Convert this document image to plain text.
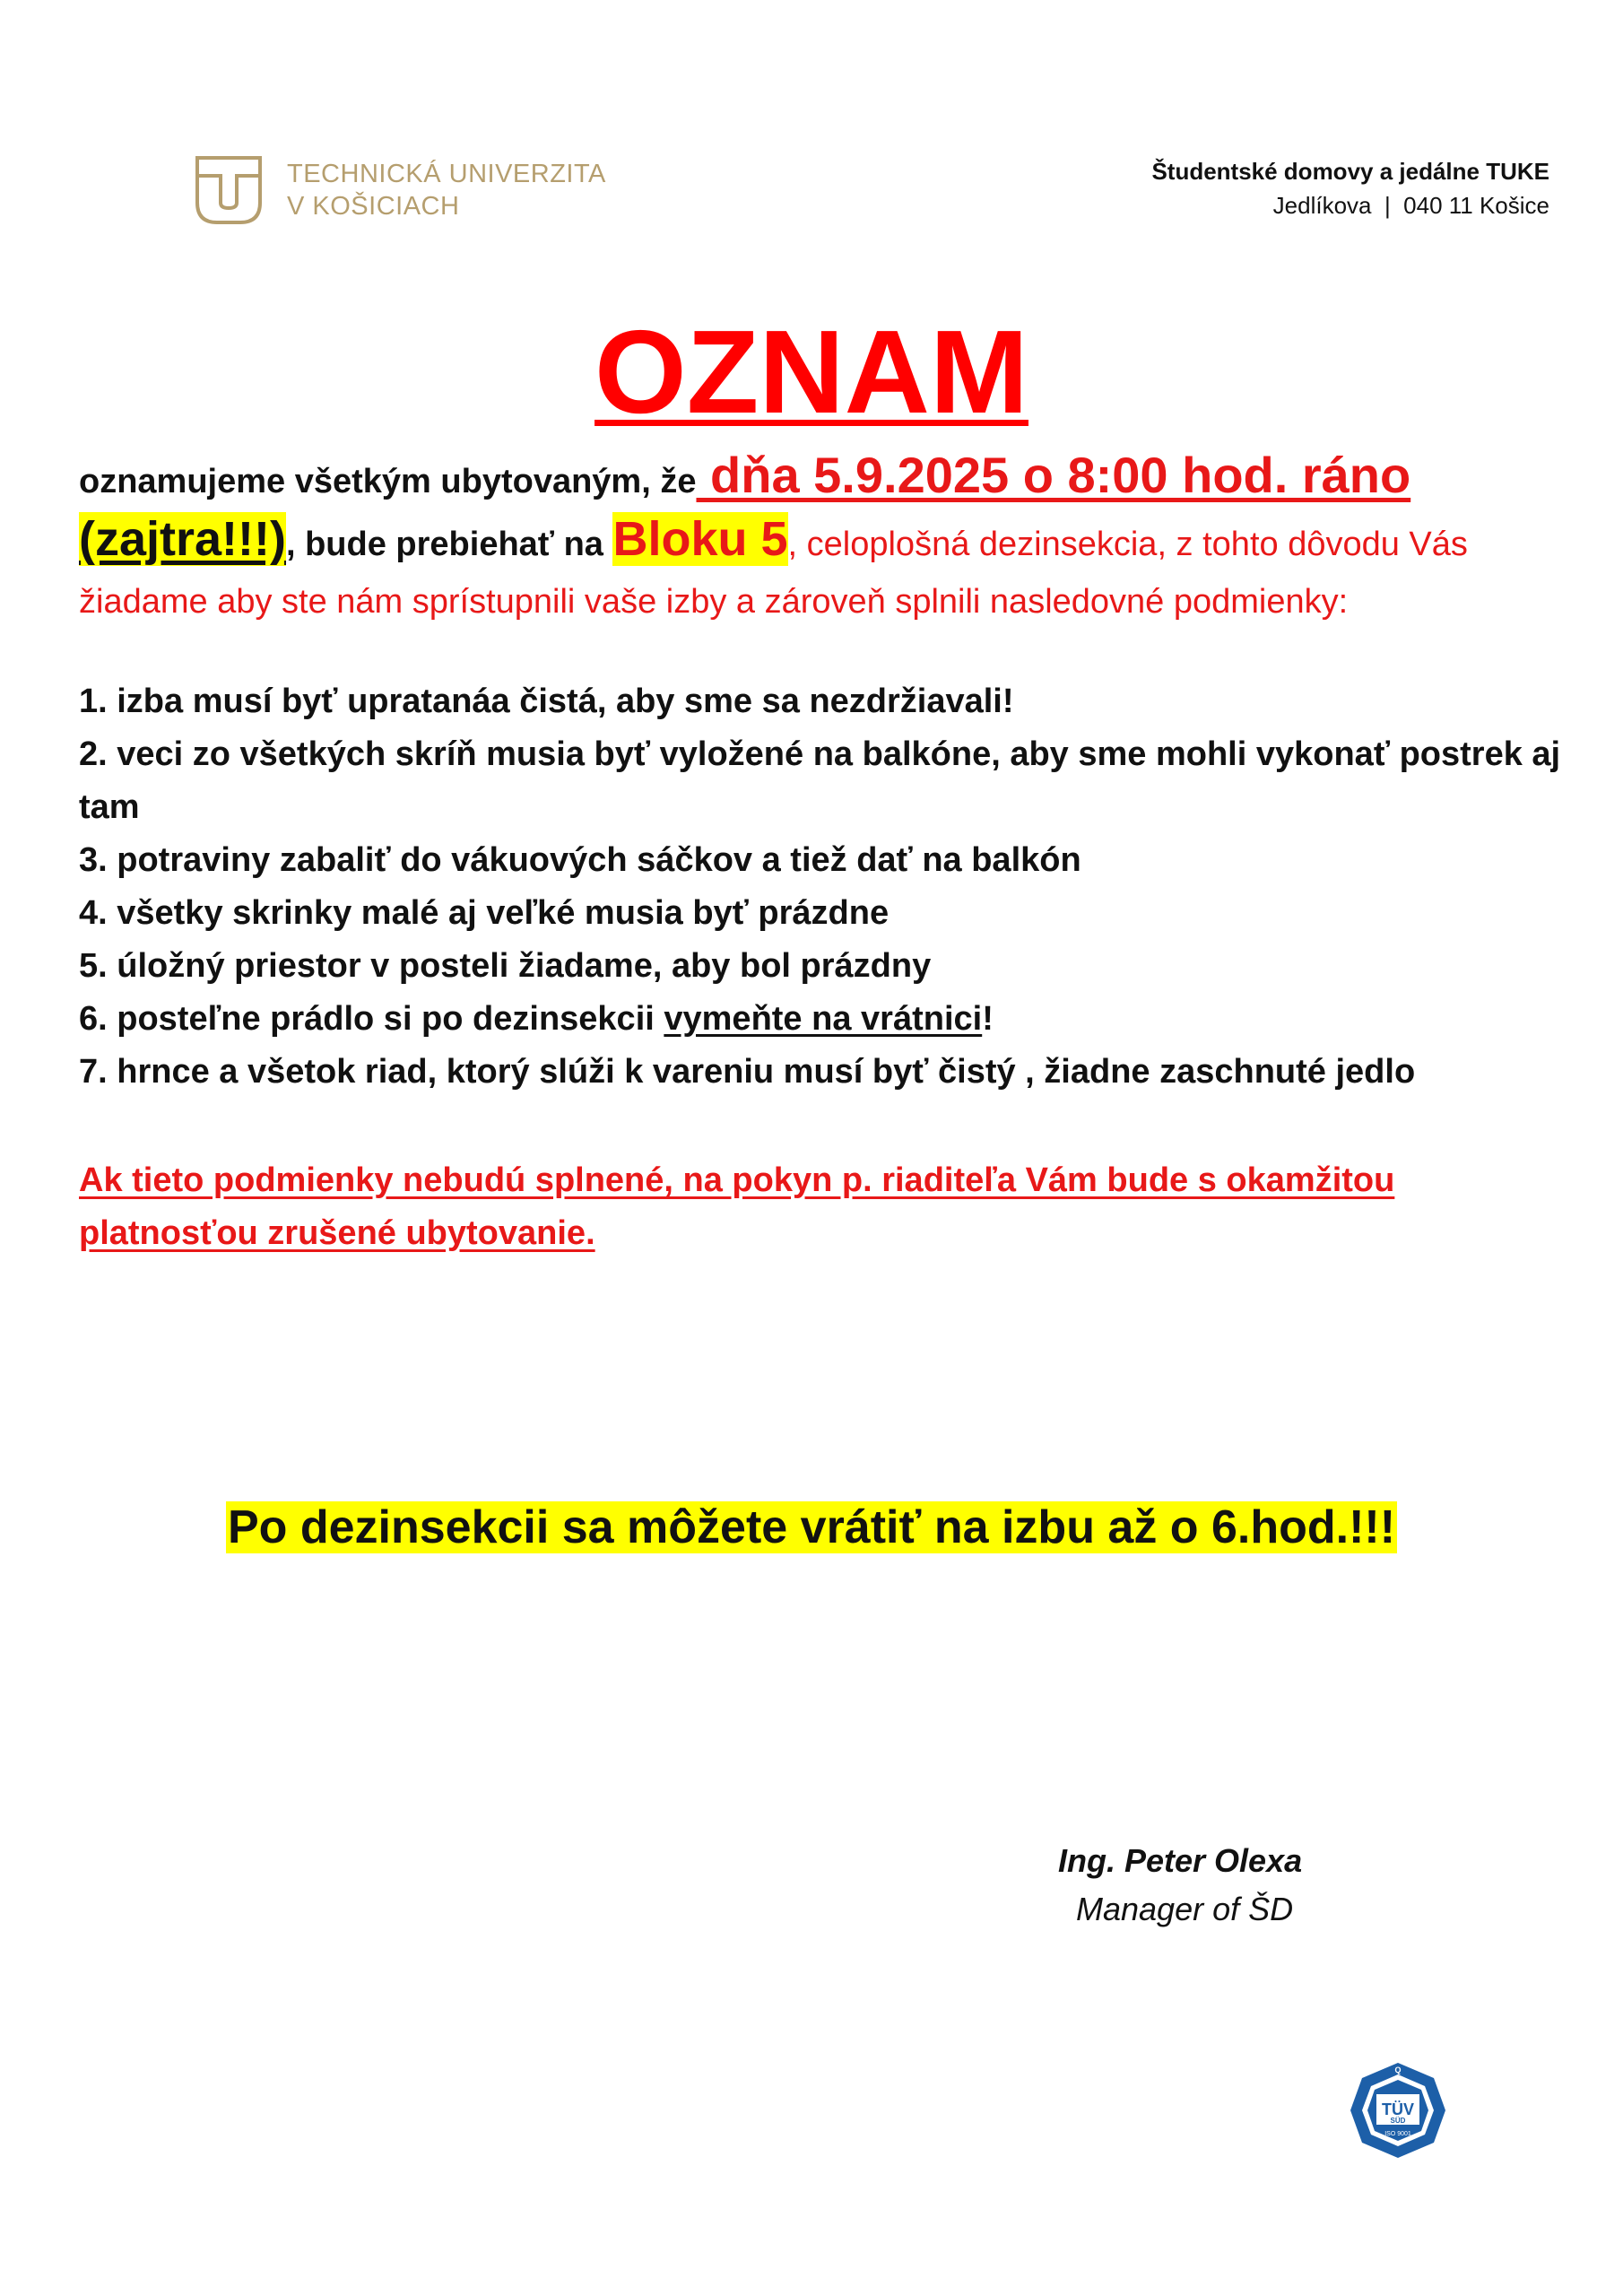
TECHNICKÁ UNIVERZITA
V KOŠICIACH
Študentské domovy a jedálne TUKE
Jedlíkova  |  040 11 Košice
OZNAM

oznamujeme všetkým ubytovaným, že dňa 5.9.2025 o 8:00 hod. ráno
(zajtra!!!), bude prebiehať na Bloku 5, celoplošná dezinsekcia, z tohto dôvodu Vás žiadame aby ste nám sprístupnili vaše izby a zároveň splnili nasledovné podmienky:

1. izba musí byť upratanáa čistá, aby sme sa nezdržiavali!
2. veci zo všetkých skríň musia byť vyložené na balkóne, aby sme mohli vykonať postrek aj tam
3. potraviny zabaliť do vákuových sáčkov a tiež dať na balkón
4. všetky skrinky malé aj veľké musia byť prázdne
5. úložný priestor v posteli žiadame, aby bol prázdny
6. posteľne prádlo si po dezinsekcii vymeňte na vrátnici!
7. hrnce a všetok riad, ktorý slúži k vareniu musí byť čistý , žiadne zaschnuté jedlo
Ak tieto podmienky nebudú splnené, na pokyn p. riaditeľa Vám bude s okamžitou platnosťou zrušené ubytovanie.
Po dezinsekcii sa môžete vrátiť na izbu až o 6.hod.!!!
Ing. Peter Olexa
Manager of ŠD
TÜV
SÜD
ISO 9001
Q
